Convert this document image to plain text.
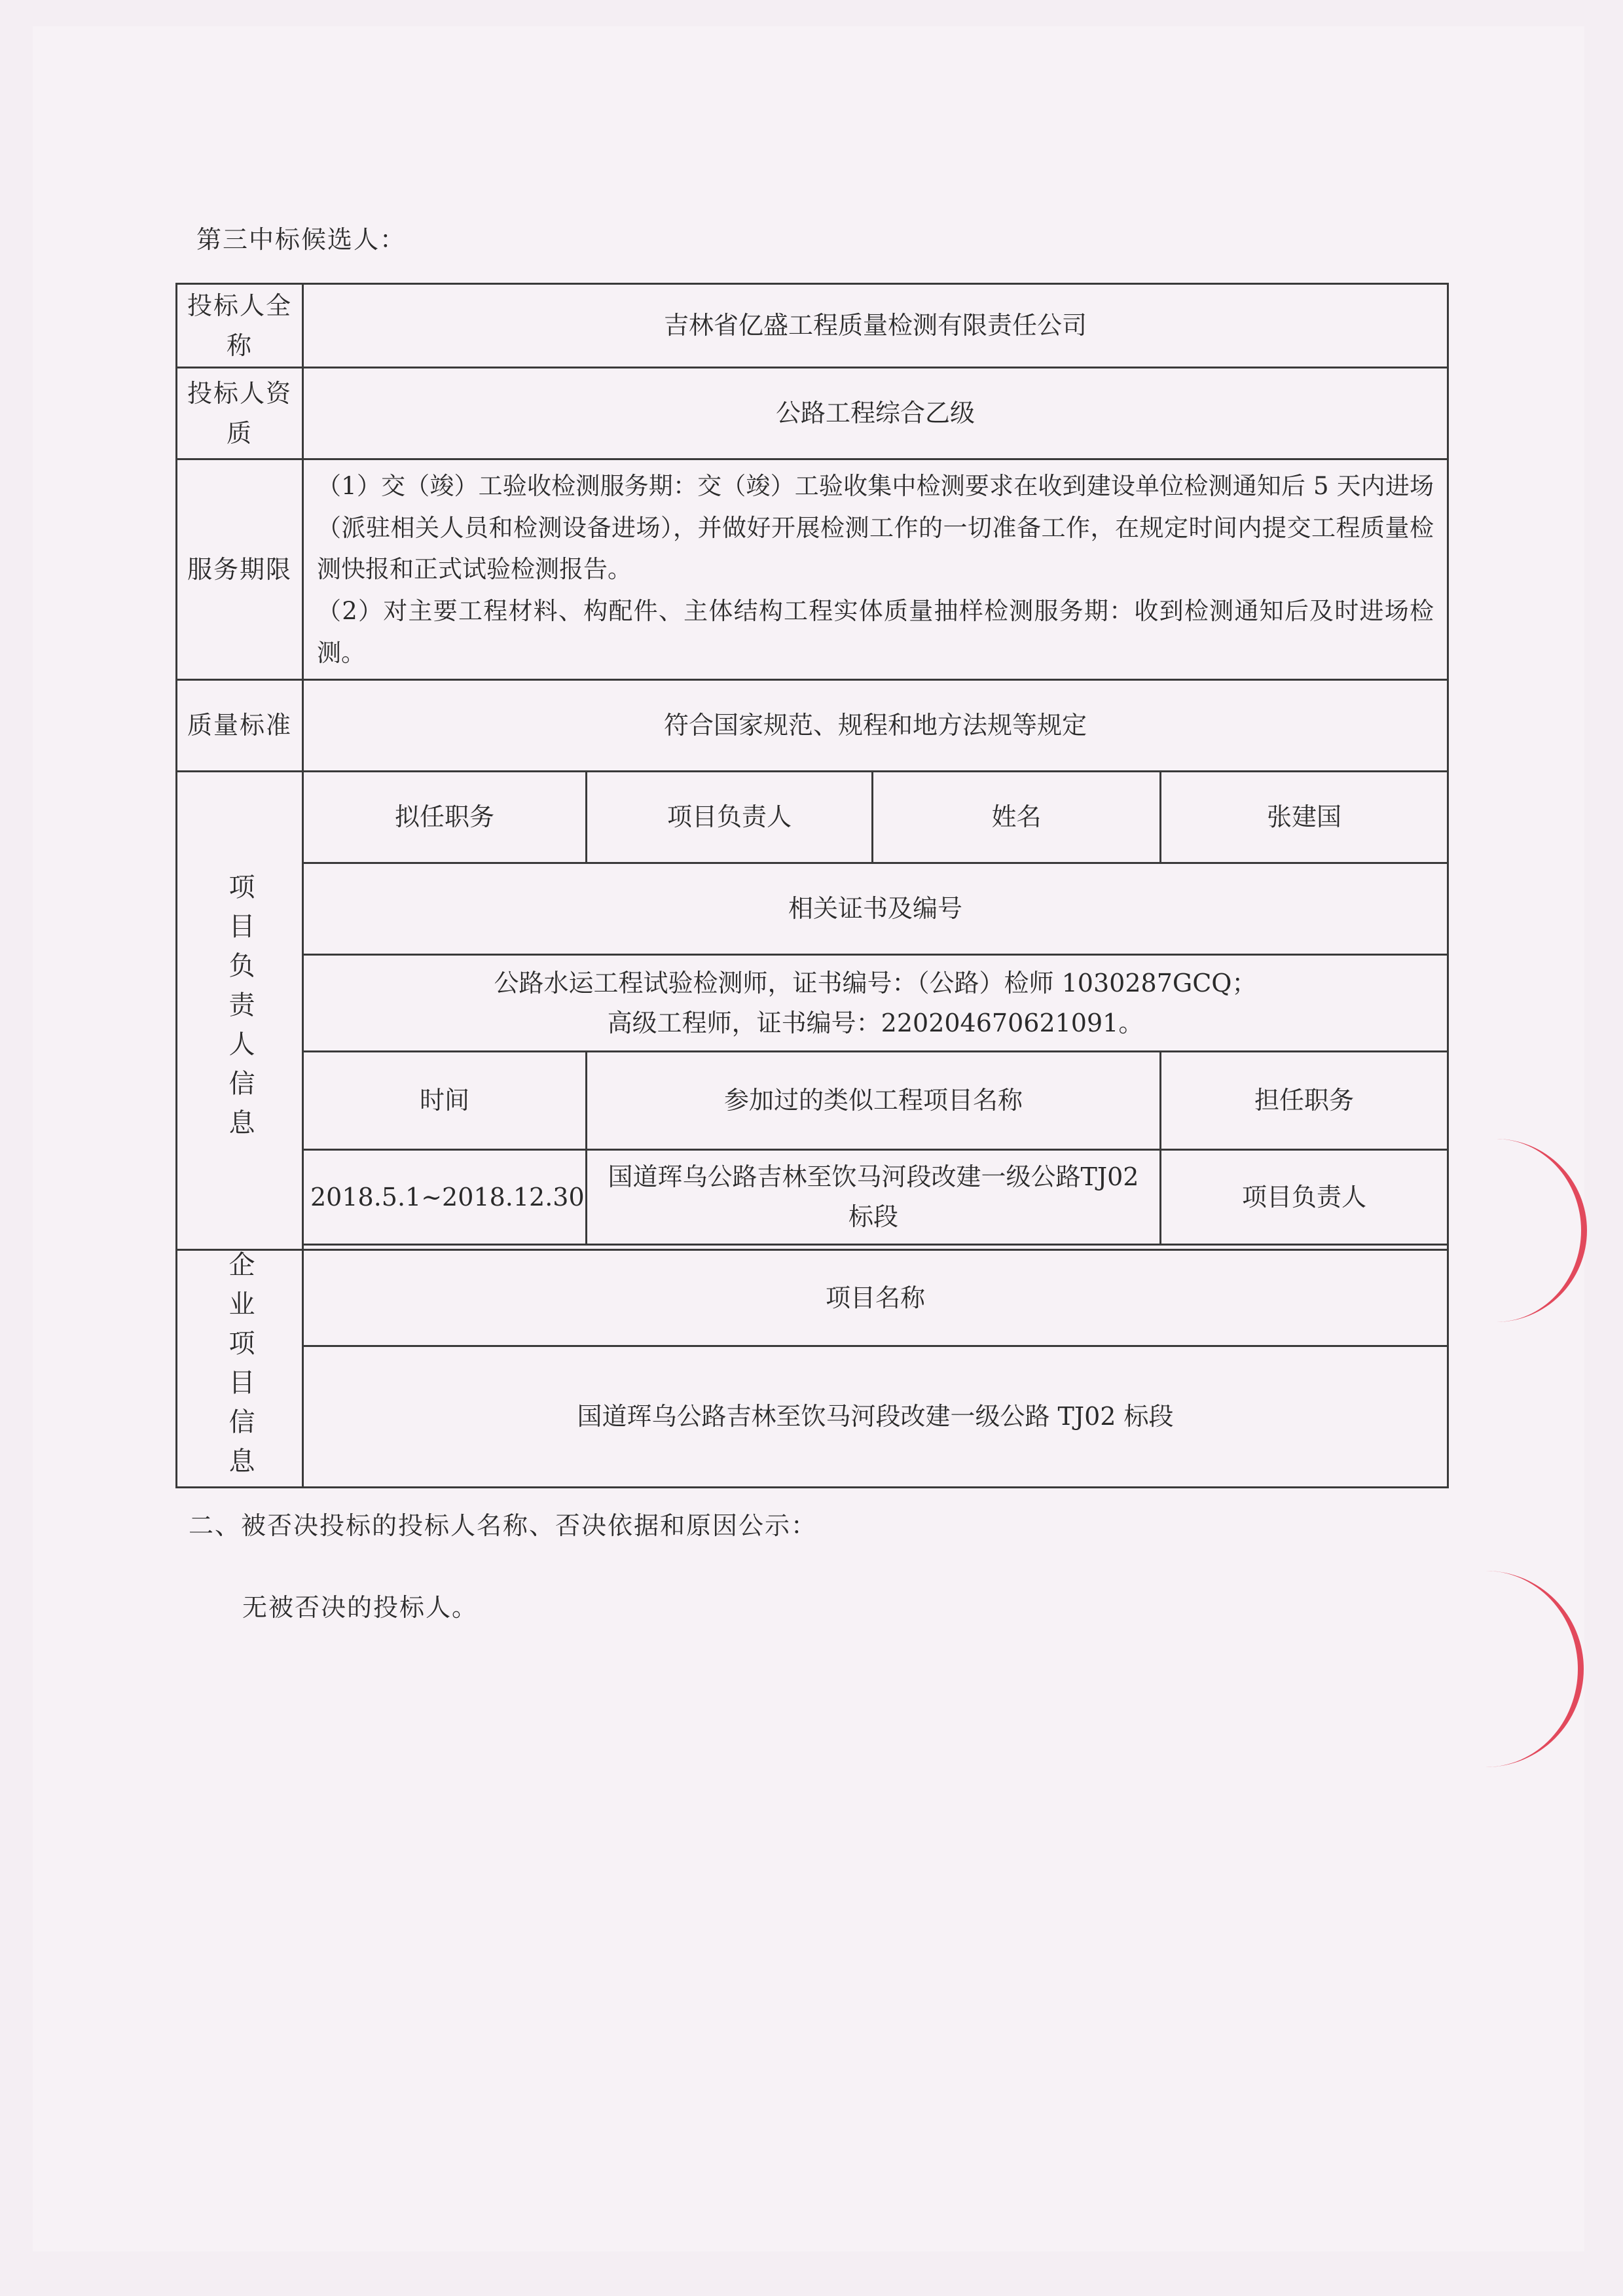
第三中标候选人：
投标人全称	吉林省亿盛工程质量检测有限责任公司			
投标人资质	公路工程综合乙级			
服务期限	（1）交（竣）工验收检测服务期：交（竣）工验收集中检测要求在收到建设单位检测通知后 5 天内进场（派驻相关人员和检测设备进场），并做好开展检测工作的一切准备工作，在规定时间内提交工程质量检测快报和正式试验检测报告。
（2）对主要工程材料、构配件、主体结构工程实体质量抽样检测服务期：收到检测通知后及时进场检测。			

质量标准	符合国家规范、规程和地方法规等规定			
项目负责人信息	拟任职务	项目负责人	姓名	张建国
	相关证书及编号			

	公路水运工程试验检测师，证书编号：（公路）检师 1030287GCQ；
高级工程师，证书编号：220204670621091。			

	时间	参加过的类似工程项目名称		担任职务
	2018.5.1~2018.12.30	国道珲乌公路吉林至饮马河段改建一级公路TJ02 标段		项目负责人

企业项目信息	项目名称			
	国道珲乌公路吉林至饮马河段改建一级公路 TJ02 标段			
二、被否决投标的投标人名称、否决依据和原因公示：
无被否决的投标人。
